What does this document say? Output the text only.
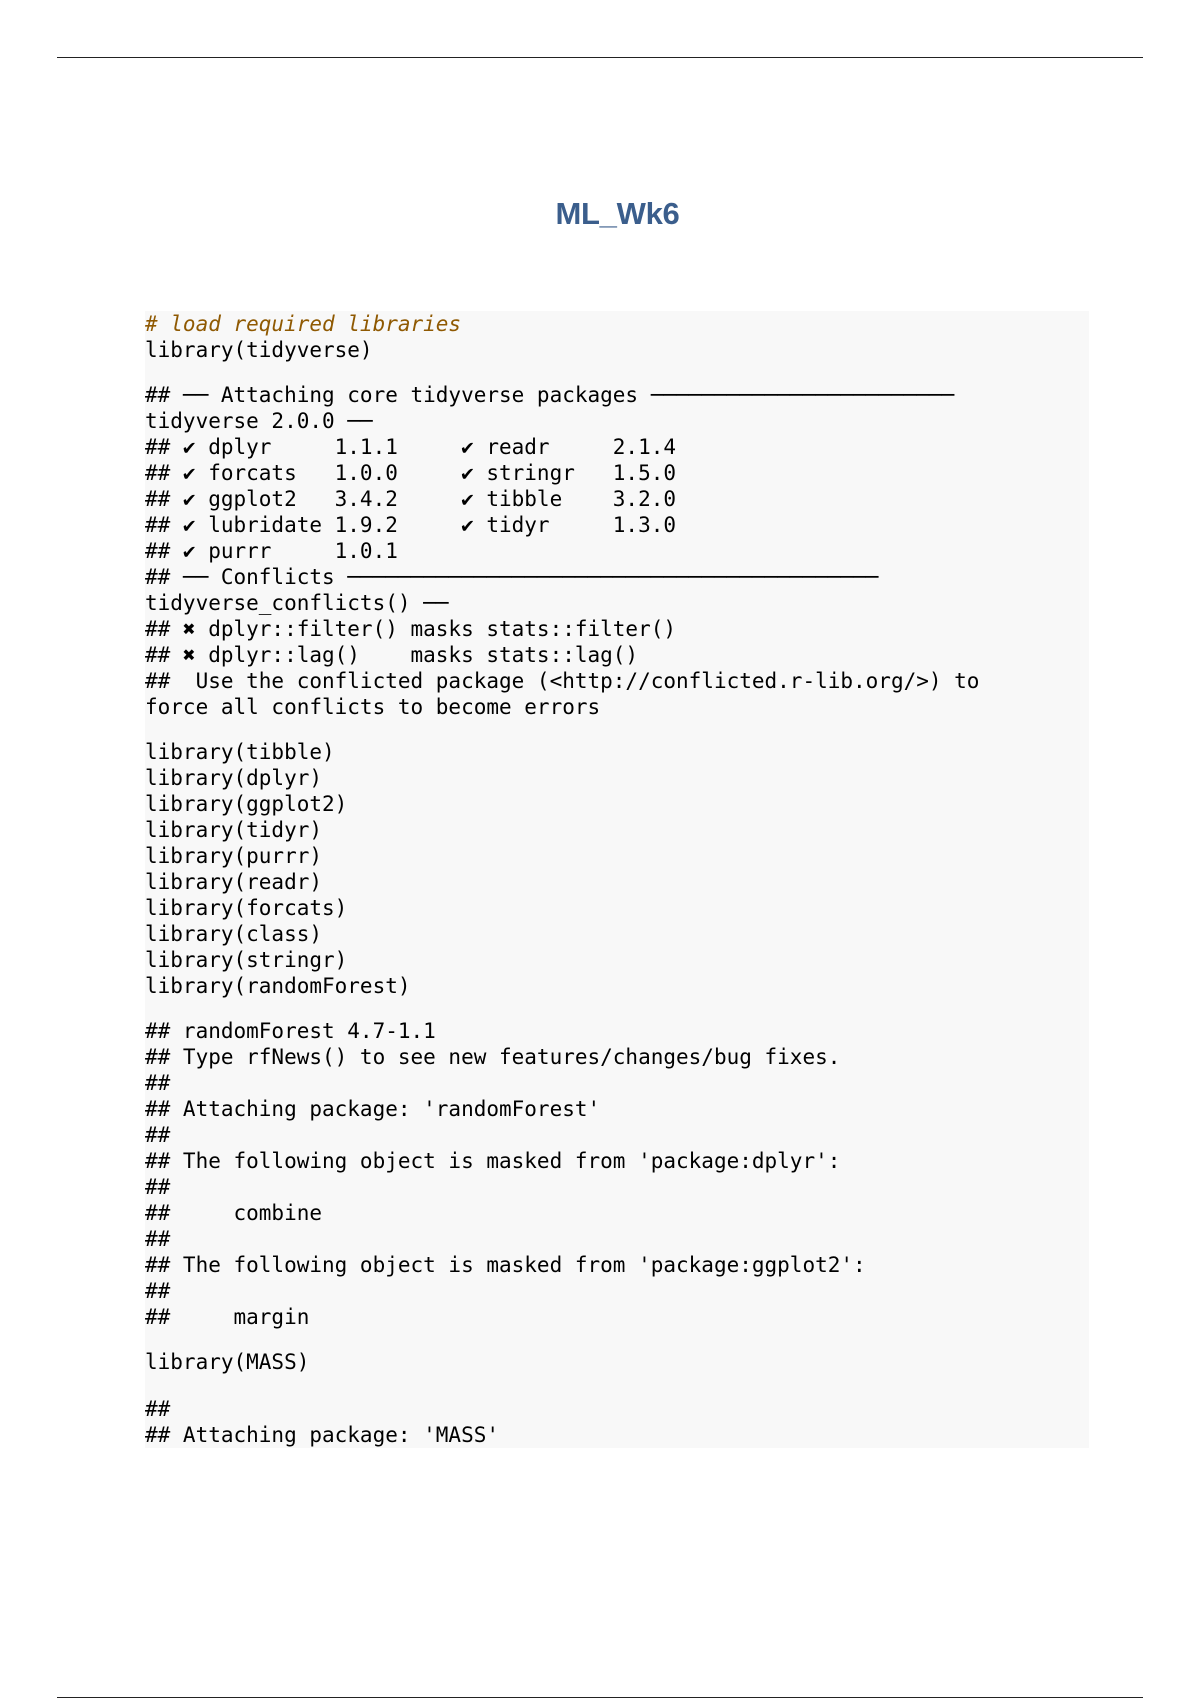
ML_Wk6
# load required libraries
library(tidyverse)
## ── Attaching core tidyverse packages ────────────────────────
tidyverse 2.0.0 ──
## ✔ dplyr     1.1.1     ✔ readr     2.1.4
## ✔ forcats   1.0.0     ✔ stringr   1.5.0
## ✔ ggplot2   3.4.2     ✔ tibble    3.2.0
## ✔ lubridate 1.9.2     ✔ tidyr     1.3.0
## ✔ purrr     1.0.1
## ── Conflicts ──────────────────────────────────────────
tidyverse_conflicts() ──
## ✖ dplyr::filter() masks stats::filter()
## ✖ dplyr::lag()    masks stats::lag()
##  Use the conflicted package (<http://conflicted.r-lib.org/>) to
force all conflicts to become errors
library(tibble)
library(dplyr)
library(ggplot2)
library(tidyr)
library(purrr)
library(readr)
library(forcats)
library(class)
library(stringr)
library(randomForest)
## randomForest 4.7-1.1
## Type rfNews() to see new features/changes/bug fixes.
##
## Attaching package: 'randomForest'
##
## The following object is masked from 'package:dplyr':
##
##     combine
##
## The following object is masked from 'package:ggplot2':
##
##     margin
library(MASS)
##
## Attaching package: 'MASS'
